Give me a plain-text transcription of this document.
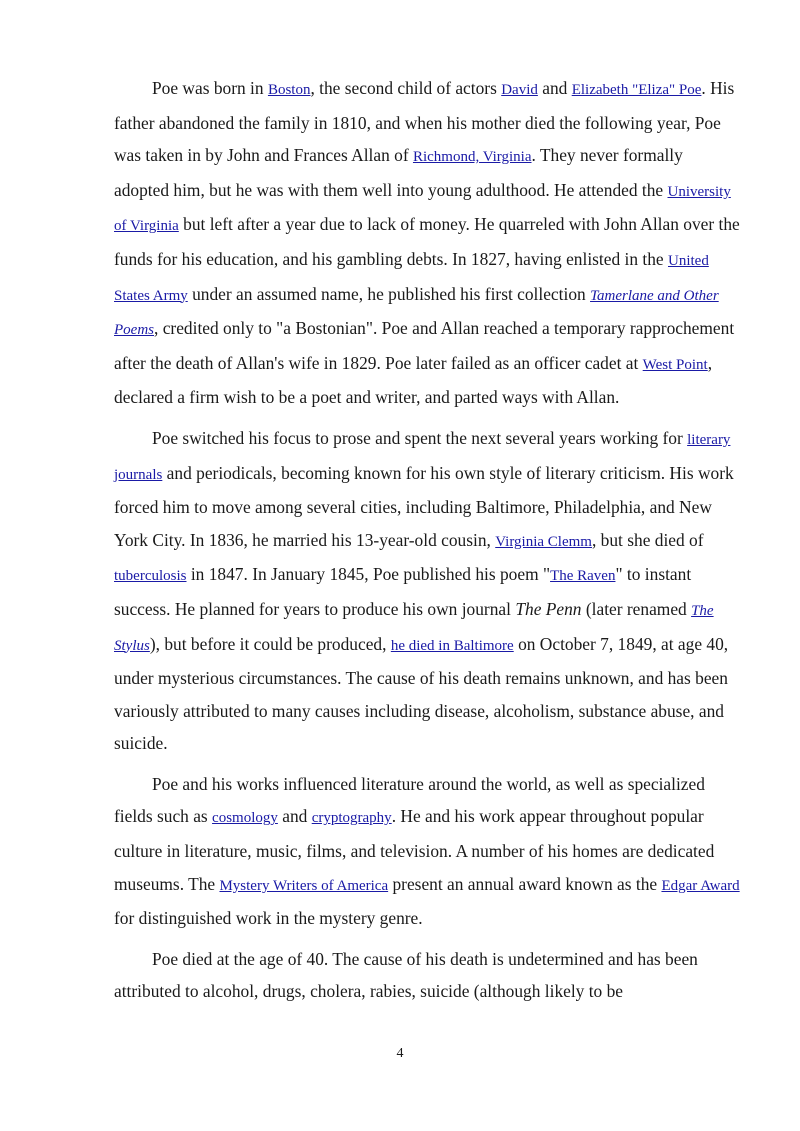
Poe was born in Boston, the second child of actors David and Elizabeth "Eliza" Poe. His father abandoned the family in 1810, and when his mother died the following year, Poe was taken in by John and Frances Allan of Richmond, Virginia. They never formally adopted him, but he was with them well into young adulthood. He attended the University of Virginia but left after a year due to lack of money. He quarreled with John Allan over the funds for his education, and his gambling debts. In 1827, having enlisted in the United States Army under an assumed name, he published his first collection Tamerlane and Other Poems, credited only to "a Bostonian". Poe and Allan reached a temporary rapprochement after the death of Allan's wife in 1829. Poe later failed as an officer cadet at West Point, declared a firm wish to be a poet and writer, and parted ways with Allan.

Poe switched his focus to prose and spent the next several years working for literary journals and periodicals, becoming known for his own style of literary criticism. His work forced him to move among several cities, including Baltimore, Philadelphia, and New York City. In 1836, he married his 13-year-old cousin, Virginia Clemm, but she died of tuberculosis in 1847. In January 1845, Poe published his poem "The Raven" to instant success. He planned for years to produce his own journal The Penn (later renamed The Stylus), but before it could be produced, he died in Baltimore on October 7, 1849, at age 40, under mysterious circumstances. The cause of his death remains unknown, and has been variously attributed to many causes including disease, alcoholism, substance abuse, and suicide.

Poe and his works influenced literature around the world, as well as specialized fields such as cosmology and cryptography. He and his work appear throughout popular culture in literature, music, films, and television. A number of his homes are dedicated museums. The Mystery Writers of America present an annual award known as the Edgar Award for distinguished work in the mystery genre.

Poe died at the age of 40. The cause of his death is undetermined and has been attributed to alcohol, drugs, cholera, rabies, suicide (although likely to be

4
